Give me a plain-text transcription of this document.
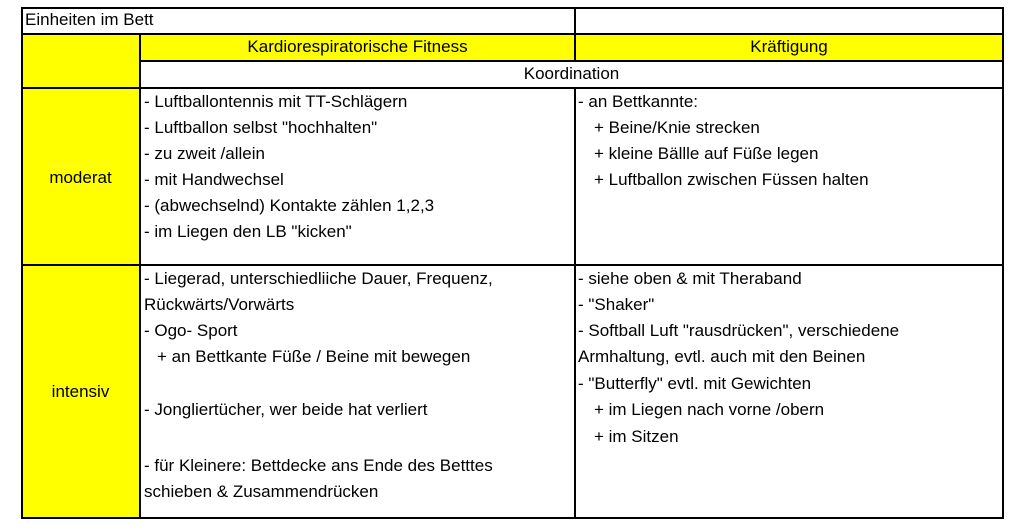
Einheiten im Bett
Kardiorespiratorische Fitness	Kräftigung
Koordination
moderat
intensiv
- Luftballontennis mit TT-Schlägern
- Luftballon selbst "hochhalten"
- zu zweit /allein
- mit Handwechsel
- (abwechselnd) Kontakte zählen 1,2,3
- im Liegen den LB "kicken"
- an Bettkannte:
+ Beine/Knie strecken
+ kleine Bällle auf Füße legen
+ Luftballon zwischen Füssen halten
- Liegerad, unterschiedliiche Dauer, Frequenz,
Rückwärts/Vorwärts
- Ogo- Sport
+ an Bettkante Füße / Beine mit bewegen
- Jongliertücher, wer beide hat verliert
- für Kleinere: Bettdecke ans Ende des Betttes
schieben & Zusammendrücken
- siehe oben & mit Theraband
- "Shaker"
- Softball Luft "rausdrücken", verschiedene
Armhaltung, evtl. auch mit den Beinen
- "Butterfly" evtl. mit Gewichten
+ im Liegen nach vorne /obern
+ im Sitzen
